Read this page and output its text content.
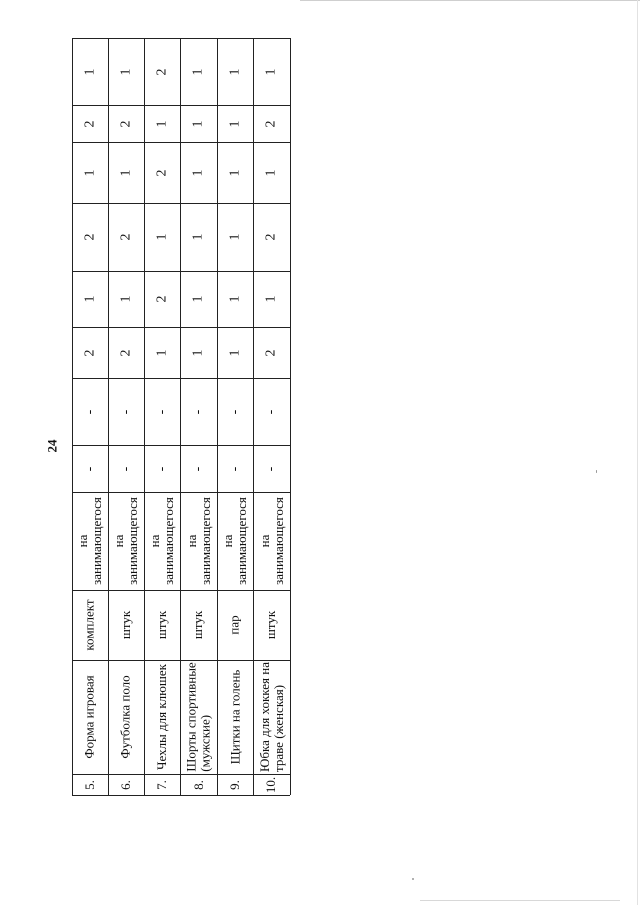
24
5.
Форма игровая
комплект
на занимающегося
-
-
2
1
2
1
2
1
6.
Футболка поло
штук
на занимающегося
-
-
2
1
2
1
2
1
7.
Чехлы для клюшек
штук
на занимающегося
-
-
1
2
1
2
1
2
8.
Шорты спортивные (мужские)
штук
на занимающегося
-
-
1
1
1
1
1
1
9.
Щитки на голень
пар
на занимающегося
-
-
1
1
1
1
1
1
10.
Юбка для хоккея на траве (женская)
штук
на занимающегося
-
-
2
1
2
1
2
1
